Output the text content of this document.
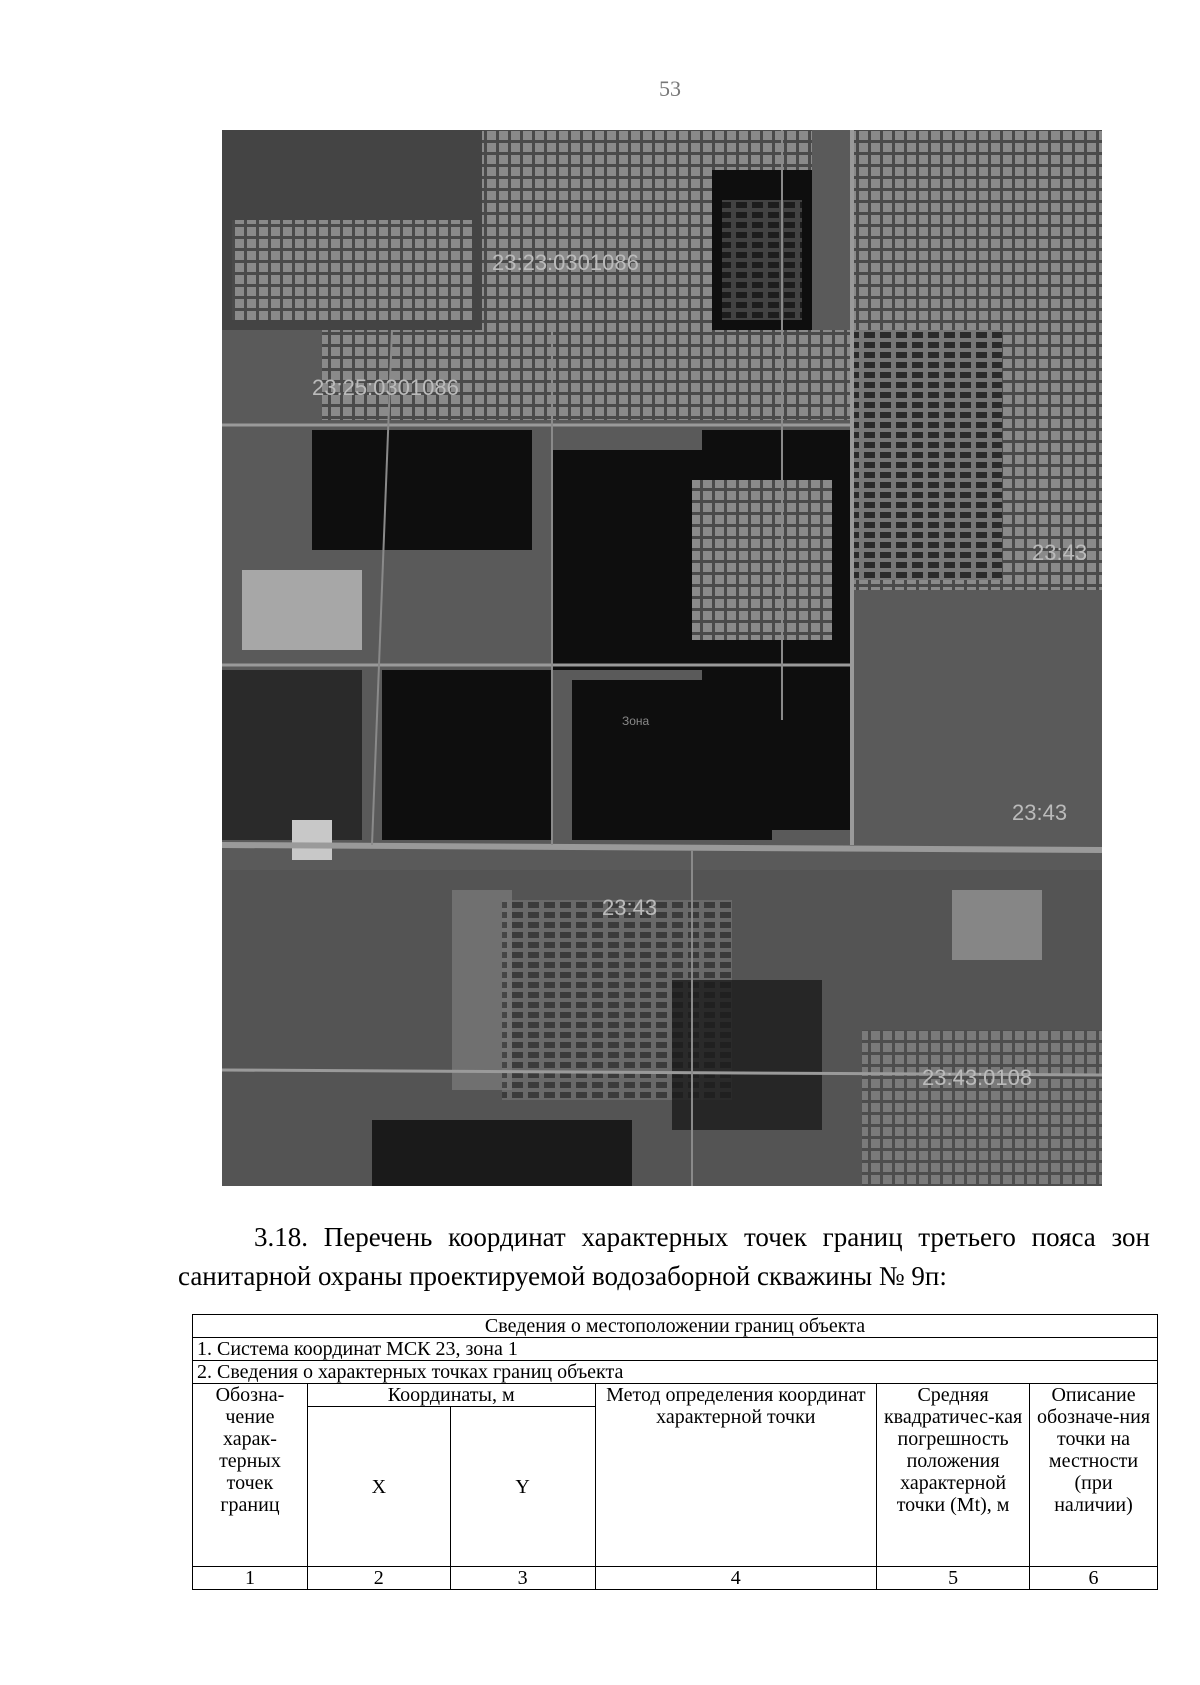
53
23:23:0301086
23:25:0301086
23:43
23:43
23:43
23:43:0108
Зона
3.18. Перечень координат характерных точек границ третьего пояса зон санитарной охраны проектируемой водозаборной скважины № 9п:
Сведения о местоположении границ объекта					
1. Система координат МСК 23, зона 1					
2. Сведения о характерных точках границ объекта					
Обозна-чение харак-терных точек границ	Координаты, м		Метод определения координат характерной точки	Средняя квадратичес-кая погрешность положения характерной точки (Mt), м	Описание обозначе-ния точки на местности (при наличии)
	X	Y			
1	2	3	4	5	6
